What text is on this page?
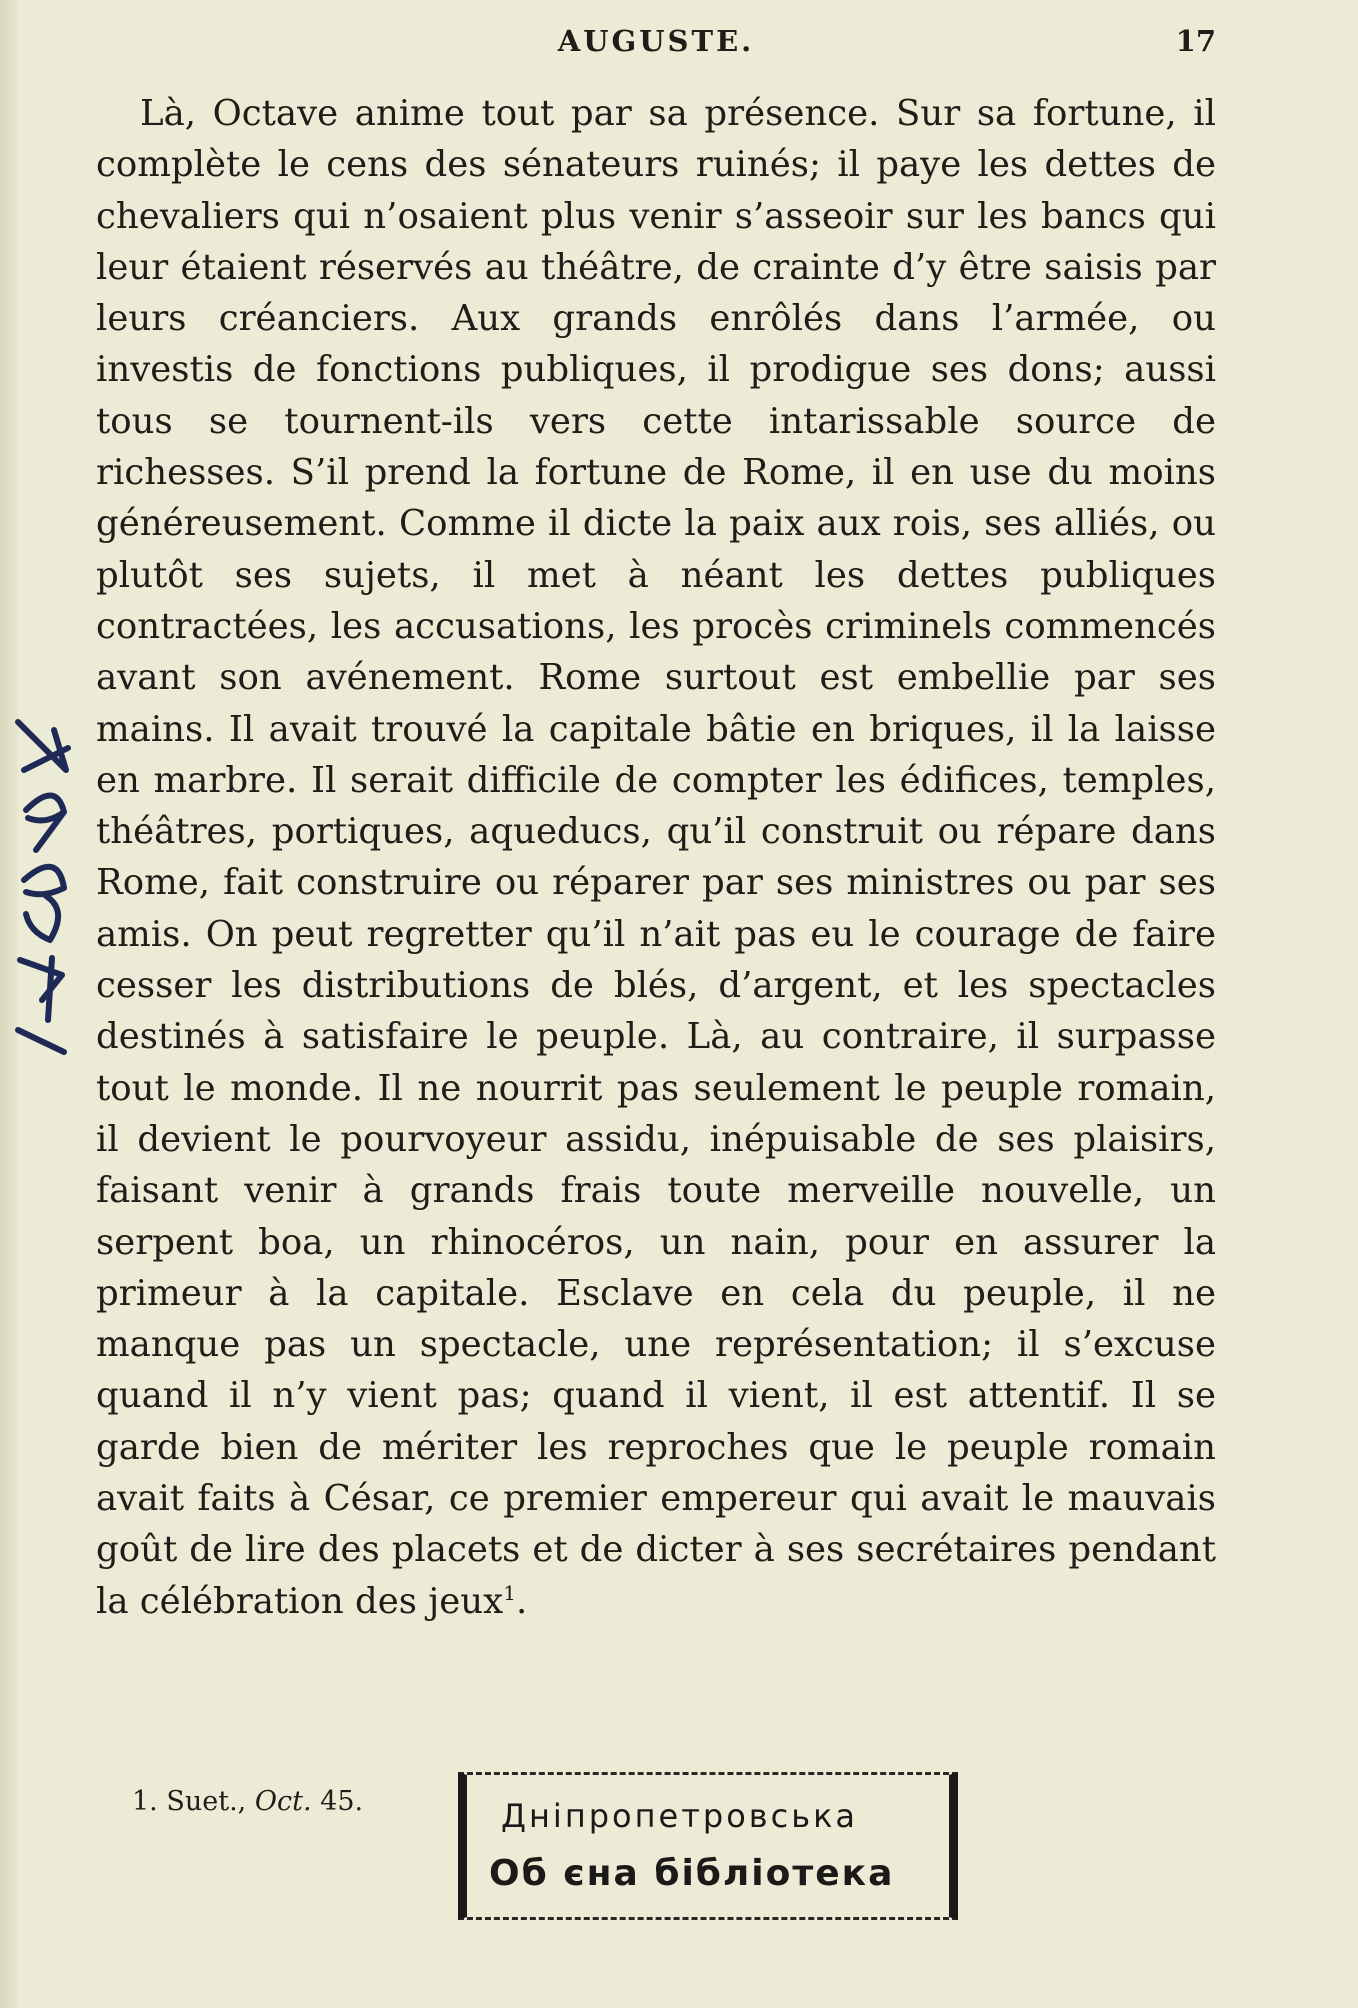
AUGUSTE.	17

Là, Octave anime tout par sa présence. Sur sa fortune, il complète le cens des sénateurs ruinés; il paye les dettes de chevaliers qui n’osaient plus venir s’asseoir sur les bancs qui leur étaient réservés au théâtre, de crainte d’y être saisis par leurs créanciers. Aux grands enrôlés dans l’armée, ou investis de fonctions publiques, il prodigue ses dons; aussi tous se tournent-ils vers cette intarissable source de richesses. S’il prend la fortune de Rome, il en use du moins généreusement. Comme il dicte la paix aux rois, ses alliés, ou plutôt ses sujets, il met à néant les dettes publiques contractées, les accusations, les procès criminels commencés avant son avénement. Rome surtout est embellie par ses mains. Il avait trouvé la capitale bâtie en briques, il la laisse en marbre. Il serait difficile de compter les édifices, temples, théâtres, portiques, aqueducs, qu’il construit ou répare dans Rome, fait construire ou réparer par ses ministres ou par ses amis. On peut regretter qu’il n’ait pas eu le courage de faire cesser les distributions de blés, d’argent, et les spectacles destinés à satisfaire le peuple. Là, au contraire, il surpasse tout le monde. Il ne nourrit pas seulement le peuple romain, il devient le pourvoyeur assidu, inépuisable de ses plaisirs, faisant venir à grands frais toute merveille nouvelle, un serpent boa, un rhinocéros, un nain, pour en assurer la primeur à la capitale. Esclave en cela du peuple, il ne manque pas un spectacle, une représentation; il s’excuse quand il n’y vient pas; quand il vient, il est attentif. Il se garde bien de mériter les reproches que le peuple romain avait faits à César, ce premier empereur qui avait le mauvais goût de lire des placets et de dicter à ses secrétaires pendant la célébration des jeux$^1$.

1. Suet., Oct. 45.	Дніпропетровська
Об єна бібліотека
